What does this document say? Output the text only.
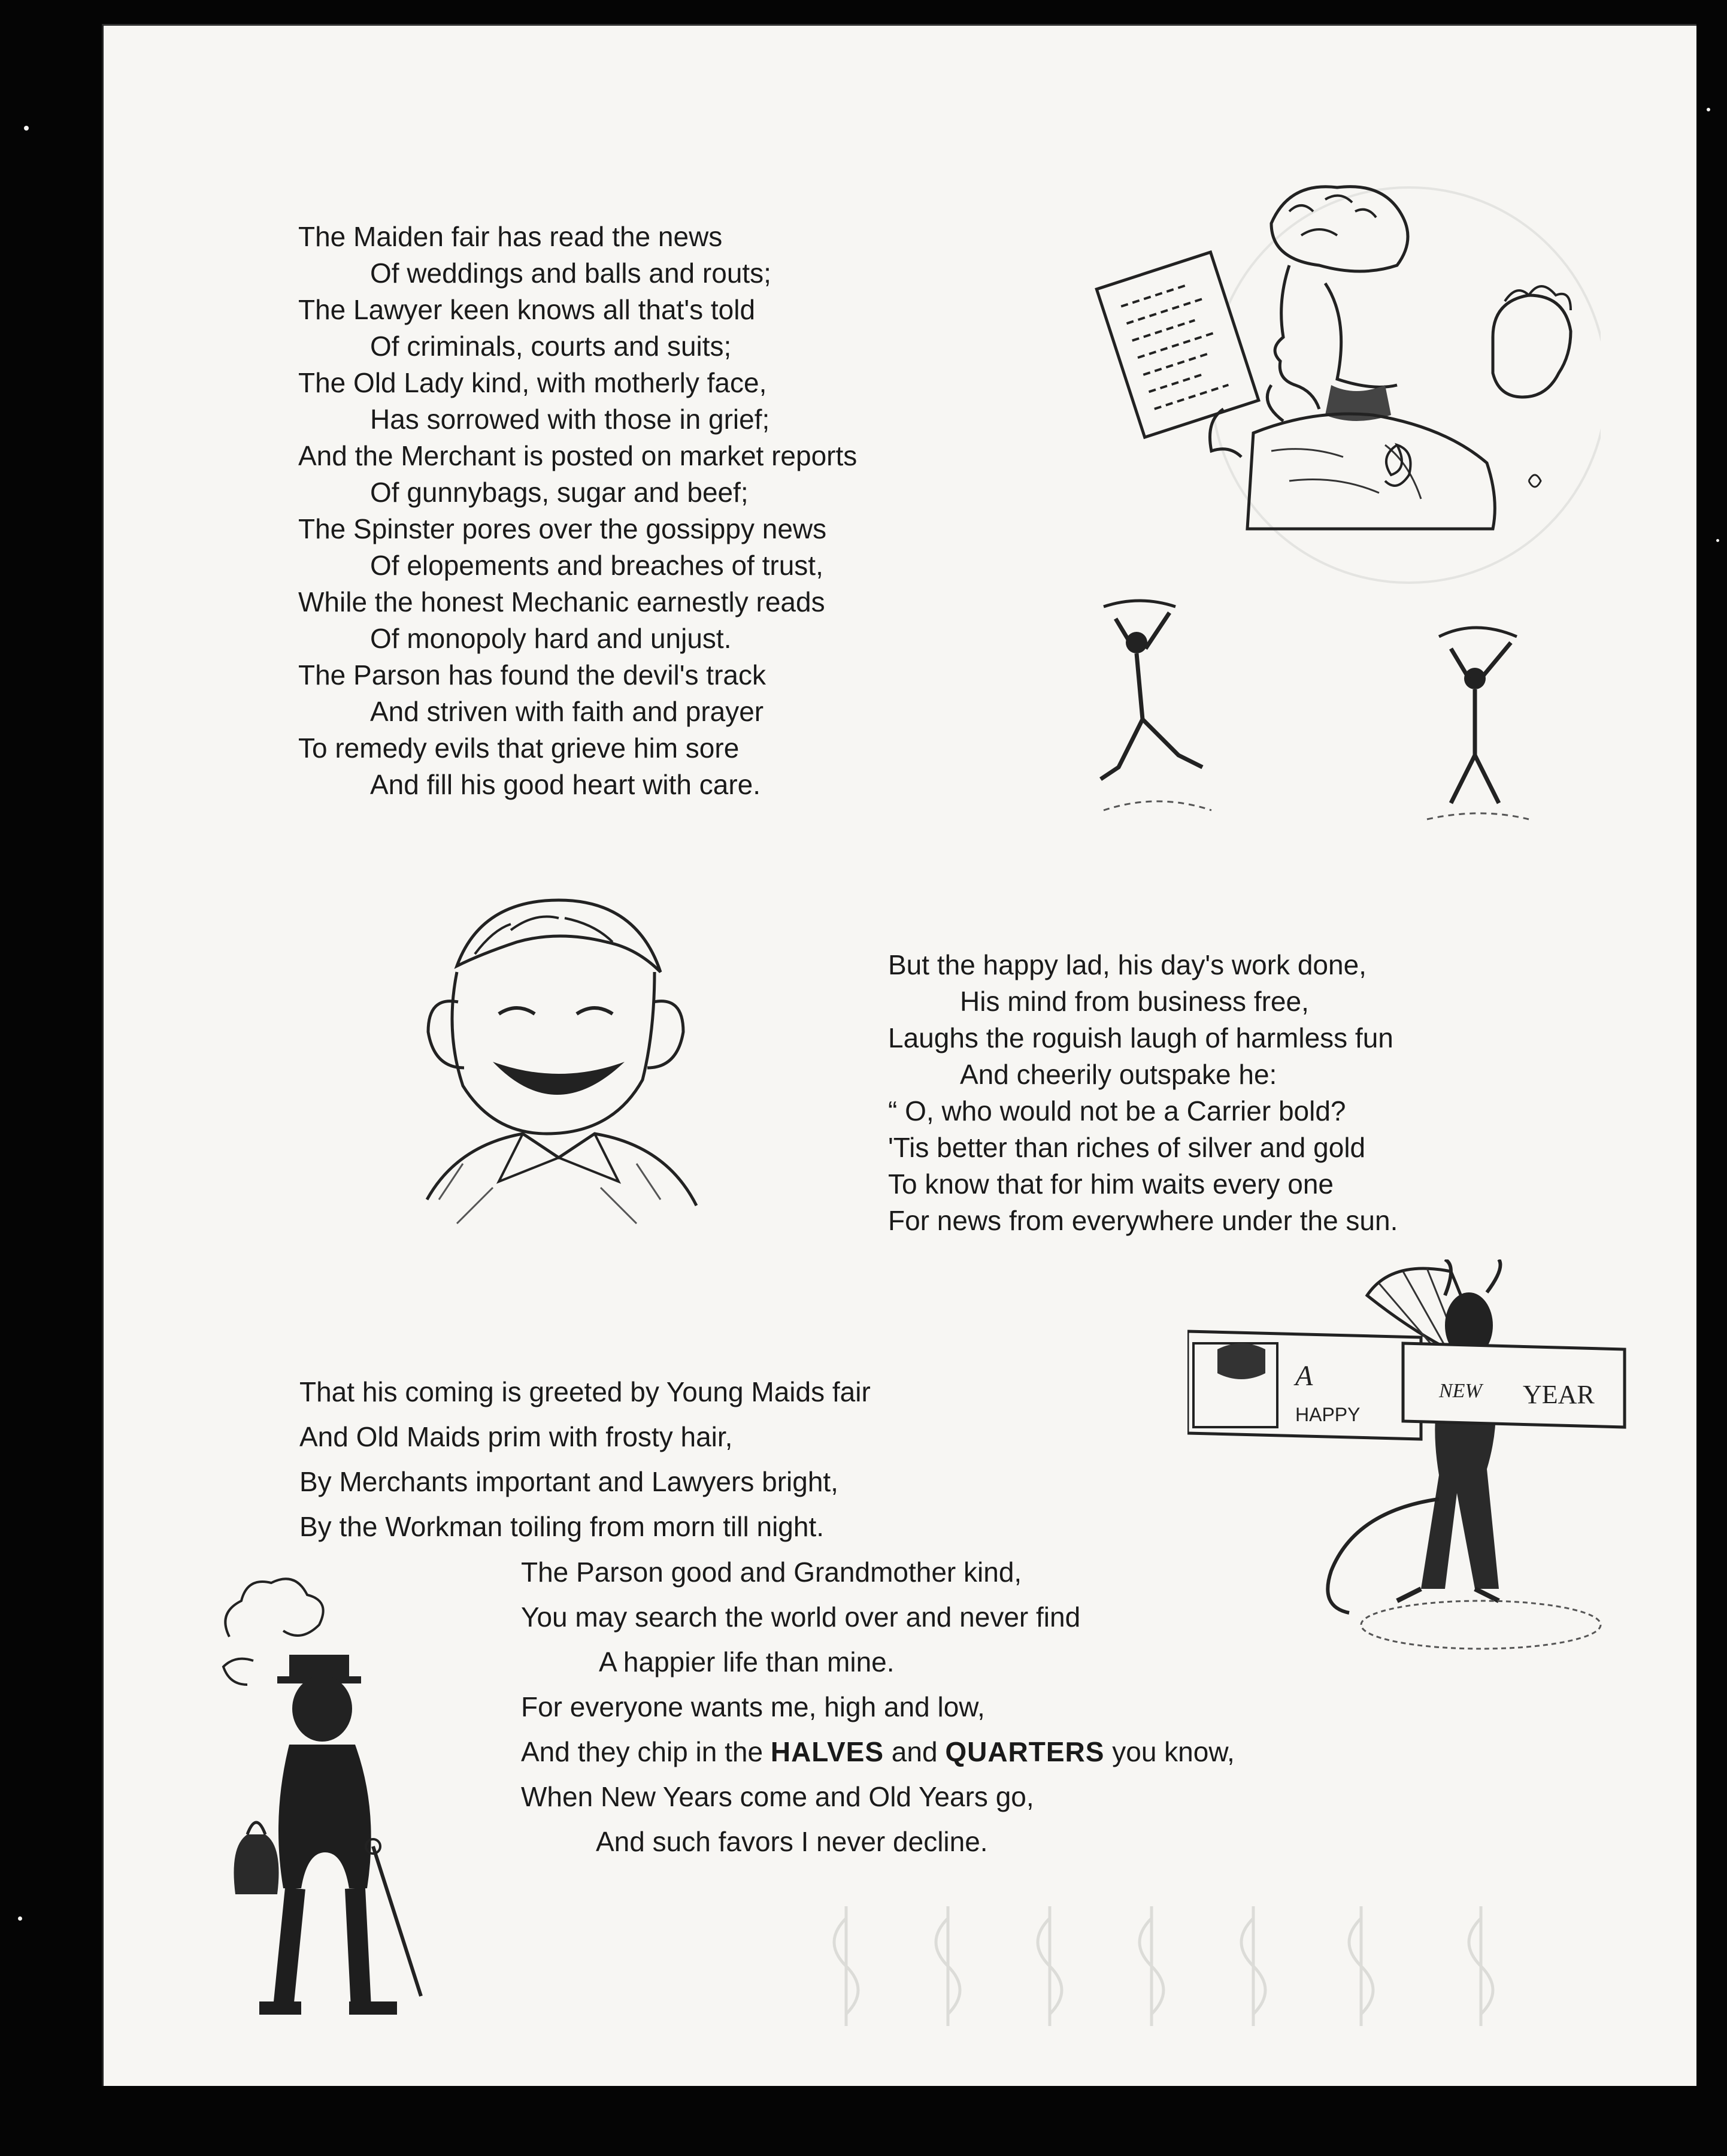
The Maiden fair has read the news
Of weddings and balls and routs;
The Lawyer keen knows all that's told
Of criminals, courts and suits;
The Old Lady kind, with motherly face,
Has sorrowed with those in grief;
And the Merchant is posted on market reports
Of gunnybags, sugar and beef;
The Spinster pores over the gossippy news
Of elopements and breaches of trust,
While the honest Mechanic earnestly reads
Of monopoly hard and unjust.
The Parson has found the devil's track
And striven with faith and prayer
To remedy evils that grieve him sore
And fill his good heart with care.
But the happy lad, his day's work done,
His mind from business free,
Laughs the roguish laugh of harmless fun
And cheerily outspake he:
“ O, who would not be a Carrier bold?
'Tis better than riches of silver and gold
To know that for him waits every one
For news from everywhere under the sun.
That his coming is greeted by Young Maids fair
And Old Maids prim with frosty hair,
By Merchants important and Lawyers bright,
By the Workman toiling from morn till night.
The Parson good and Grandmother kind,
You may search the world over and never find
A happier life than mine.
For everyone wants me, high and low,
And they chip in the HALVES and QUARTERS you know,
When New Years come and Old Years go,
And such favors I never decline.
A
HAPPY
NEW YEAR
